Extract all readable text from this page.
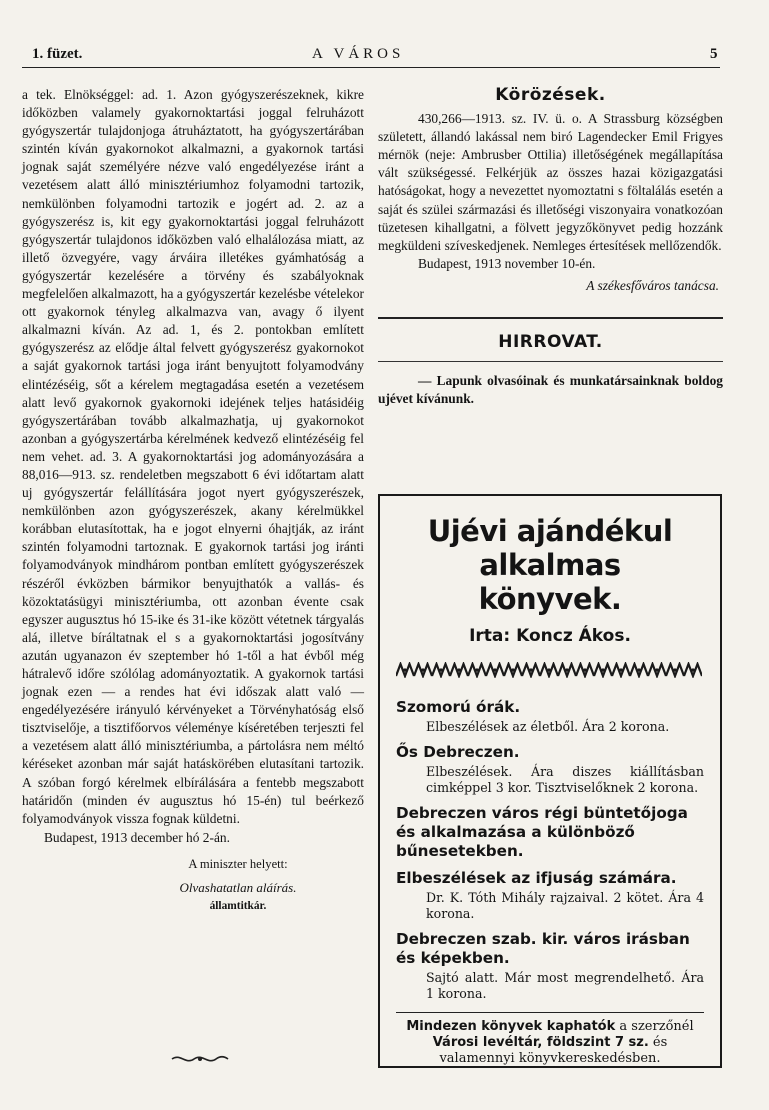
1. füzet.	A VÁROS	5

a tek. Elnökséggel: ad. 1. Azon gyógyszerészeknek, kikre időközben valamely gyakornoktartási joggal felruházott gyógyszertár tulajdonjoga átruháztatott, ha gyógyszertárában szintén kíván gyakornokot alkalmazni, a gyakornok tartási jognak saját személyére nézve való engedélyezése iránt a vezetésem alatt álló minisztériumhoz folyamodni tartozik, nemkülönben folyamodni tartozik e jogért ad. 2. az a gyógyszerész is, kit egy gyakornoktartási joggal felruházott gyógyszertár tulajdonos időközben való elhalálozása miatt, az illető özvegyére, vagy árváira illetékes gyámhatóság a gyógyszertár kezelésére a törvény és szabályoknak megfelelően alkalmazott, ha a gyógyszertár kezelésbe vételekor ott gyakornok tényleg alkalmazva van, avagy ő ilyent alkalmazni kíván. Az ad. 1, és 2. pontokban említett gyógyszerész az elődje által felvett gyógyszerész gyakornokot a saját gyakornok tartási joga iránt benyujtott folyamodvány elintézéséig, sőt a kérelem megtagadása esetén a vezetésem alatt levő gyakornok gyakornoki idejének teljes hatásidéig gyógyszertárában tovább alkalmazhatja, uj gyakornokot azonban a gyógyszertárba kérelmének kedvező elintézéséig fel nem vehet. ad. 3. A gyakornoktartási jog adományozására a 88,016—913. sz. rendeletben megszabott 6 évi időtartam alatt uj gyógyszertár felállítására jogot nyert gyógyszerészek, nemkülönben azon gyógyszerészek, akany kérelmükkel korábban elutasítottak, ha e jogot elnyerni óhajtják, az iránt szintén folyamodni tartoznak. E gyakornok tartási jog iránti folyamodványok mindhárom pontban említett gyógyszerészek részéről évközben bármikor benyujthatók a vallás- és közoktatásügyi minisztériumba, ott azonban évente csak egyszer augusztus hó 15-ike és 31-ike között vétetnek tárgyalás alá, illetve bíráltatnak el s a gyakornoktartási jogosítvány azután ugyanazon év szeptember hó 1-től a hat évből még hátralevő időre szólólag adományoztatik. A gyakornok tartási jognak ezen — a rendes hat évi időszak alatt való — engedélyezésére irányuló kérvényeket a Törvényhatóság első tisztviselője, a tisztifőorvos véleménye kíséretében terjeszti fel a vezetésem alatt álló minisztériumba, a pártolásra nem méltó kéréseket azonban már saját hatáskörében elutasítani tartozik. A szóban forgó kérelmek elbírálására a fentebb megszabott határidőn (minden év augusztus hó 15-én) tul beérkező folyamodványok vissza fognak küldetni.

Budapest, 1913 december hó 2-án.

A miniszter helyett:
Olvashatatlan aláírás.
államtitkár.
Körözések.

430,266—1913. sz. IV. ü. o. A Strassburg községben született, állandó lakással nem biró Lagendecker Emil Frigyes mérnök (neje: Ambrusber Ottilia) illetőségének megállapítása vált szükségessé. Felkérjük az összes hazai közigazgatási hatóságokat, hogy a nevezettet nyomoztatni s föltalálás esetén a saját és szülei származási és illetőségi viszonyaira vonatkozóan tüzetesen kihallgatni, a fölvett jegyzőkönyvet pedig hozzánk megküldeni szíveskedjenek. Nemleges értesítések mellőzendők.

Budapest, 1913 november 10-én.

A székesfőváros tanácsa.
HIRROVAT.

— Lapunk olvasóinak és munkatársainknak boldog ujévet kívánunk.

Ujévi ajándékul alkalmas
könyvek.
Irta: Koncz Ákos.
Szomorú órák.
Elbeszélések az életből. Ára 2 korona.
Ős Debreczen.
Elbeszélések. Ára diszes kiállításban cimképpel 3 kor. Tisztviselőknek 2 korona.
Debreczen város régi büntetőjoga és alkalmazása a különböző bűnesetekben.
Elbeszélések az ifjuság számára.
Dr. K. Tóth Mihály rajzaival. 2 kötet. Ára 4 korona.
Debreczen szab. kir. város irásban és képekben.
Sajtó alatt. Már most megrendelhető. Ára 1 korona.
Mindezen könyvek kaphatók a szerzőnél Városi levéltár, földszint 7 sz. és valamennyi könyvkereskedésben.
